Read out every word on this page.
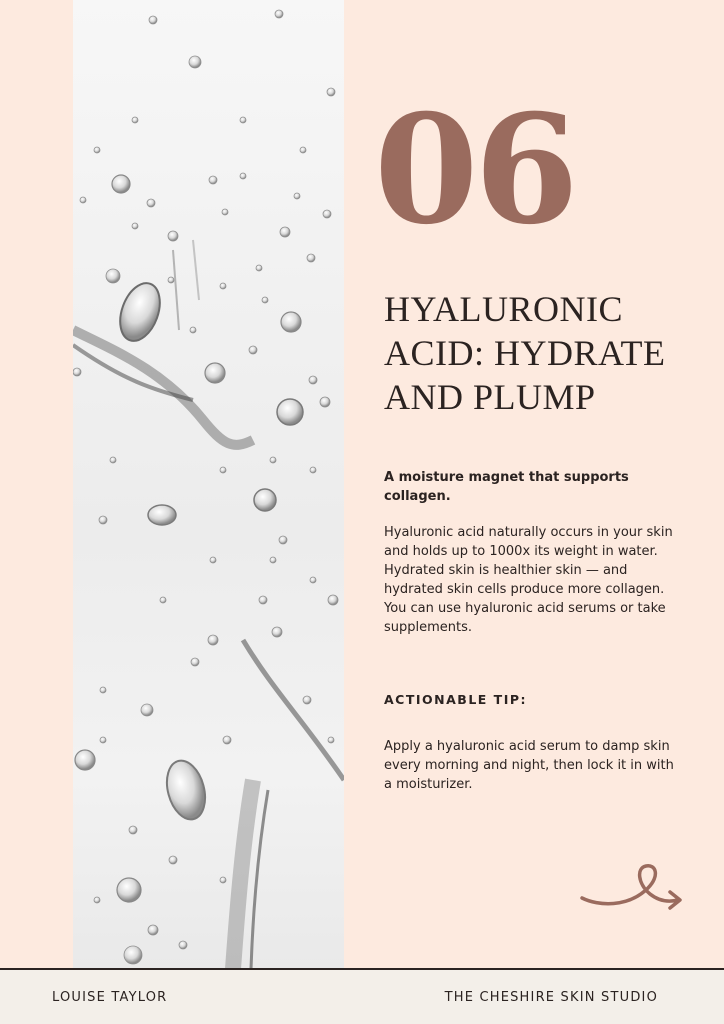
06
HYALURONIC ACID: HYDRATE AND PLUMP

A moisture magnet that supports collagen.

Hyaluronic acid naturally occurs in your skin and holds up to 1000x its weight in water. Hydrated skin is healthier skin — and hydrated skin cells produce more collagen. You can use hyaluronic acid serums or take supplements.

ACTIONABLE TIP:

Apply a hyaluronic acid serum to damp skin every morning and night, then lock it in with a moisturizer.

LOUISE TAYLOR	THE CHESHIRE SKIN STUDIO
